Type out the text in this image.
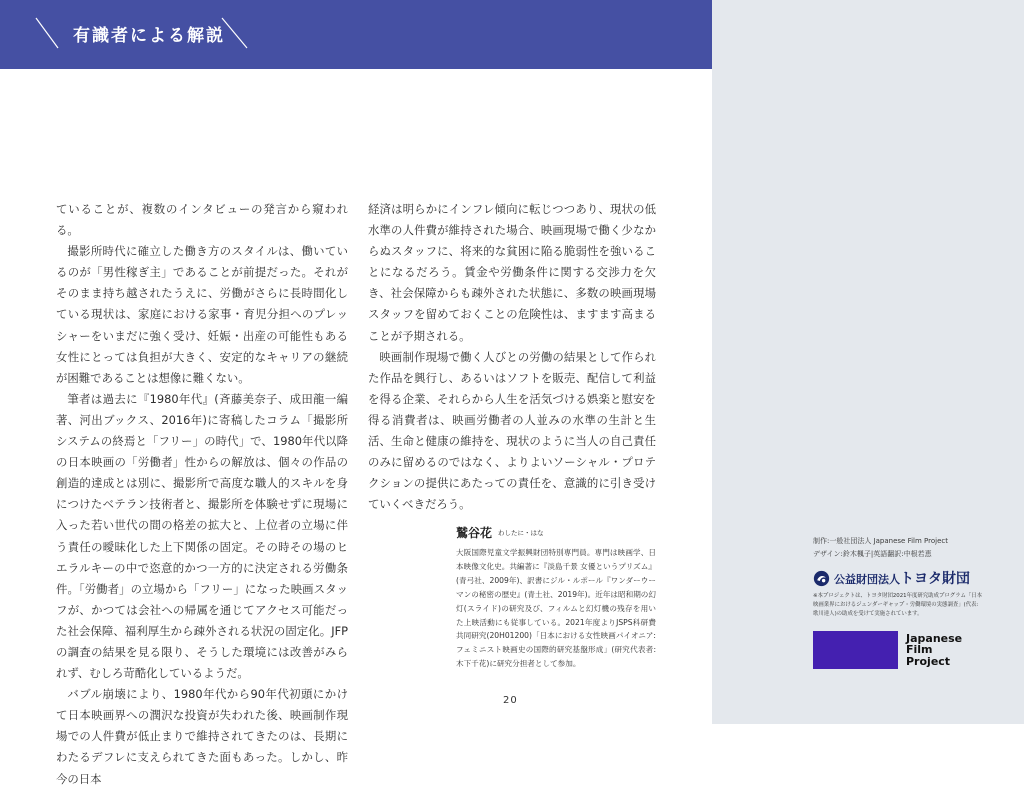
有識者による解説

ていることが、複数のインタビューの発言から窺われる。

撮影所時代に確立した働き方のスタイルは、働いているのが「男性稼ぎ主」であることが前提だった。それがそのまま持ち越されたうえに、労働がさらに長時間化している現状は、家庭における家事・育児分担へのプレッシャーをいまだに強く受け、妊娠・出産の可能性もある女性にとっては負担が大きく、安定的なキャリアの継続が困難であることは想像に難くない。

筆者は過去に『1980年代』(斉藤美奈子、成田龍一編著、河出ブックス、2016年)に寄稿したコラム「撮影所システムの終焉と「フリー」の時代」で、1980年代以降の日本映画の「労働者」性からの解放は、個々の作品の創造的達成とは別に、撮影所で高度な職人的スキルを身につけたベテラン技術者と、撮影所を体験せずに現場に入った若い世代の間の格差の拡大と、上位者の立場に伴う責任の曖昧化した上下関係の固定。その時その場のヒエラルキーの中で恣意的かつ一方的に決定される労働条件。「労働者」の立場から「フリー」になった映画スタッフが、かつては会社への帰属を通じてアクセス可能だった社会保障、福利厚生から疎外される状況の固定化。JFPの調査の結果を見る限り、そうした環境には改善がみられず、むしろ苛酷化しているようだ。

バブル崩壊により、1980年代から90年代初頭にかけて日本映画界への潤沢な投資が失われた後、映画制作現場での人件費が低止まりで維持されてきたのは、長期にわたるデフレに支えられてきた面もあった。しかし、昨今の日本

経済は明らかにインフレ傾向に転じつつあり、現状の低水準の人件費が維持された場合、映画現場で働く少なからぬスタッフに、将来的な貧困に陥る脆弱性を強いることになるだろう。賃金や労働条件に関する交渉力を欠き、社会保障からも疎外された状態に、多数の映画現場スタッフを留めておくことの危険性は、ますます高まることが予期される。

映画制作現場で働く人びとの労働の結果として作られた作品を興行し、あるいはソフトを販売、配信して利益を得る企業、それらから人生を活気づける娯楽と慰安を得る消費者は、映画労働者の人並みの水準の生計と生活、生命と健康の維持を、現状のように当人の自己責任のみに留めるのではなく、よりよいソーシャル・プロテクションの提供にあたっての責任を、意識的に引き受けていくべきだろう。

鷲谷花 わしたに・はな
大阪国際児童文学振興財団特別専門員。専門は映画学、日本映像文化史。共編著に『淡島千景 女優というプリズム』(青弓社、2009年)、訳書にジル・ルポール『ワンダーウーマンの秘密の歴史』(青土社、2019年)。近年は昭和期の幻灯(スライド)の研究及び、フィルムと幻灯機の残存を用いた上映活動にも従事している。2021年度よりJSPS科研費共同研究(20H01200)「日本における女性映画パイオニア:フェミニスト映画史の国際的研究基盤形成」(研究代表者:木下千花)に研究分担者として参加。
20
制作:一般社団法人 Japanese Film Project
デザイン:鈴木楓子|英語翻訳:中根若恵
公益財団法人トヨタ財団
※本プロジェクトは、トヨタ財団2021年度研究助成プログラム「日本映画業界におけるジェンダーギャップ・労働環境の実態調査」(代表:歌川達人)の助成を受けて実施されています。
Japanese
Film
Project
